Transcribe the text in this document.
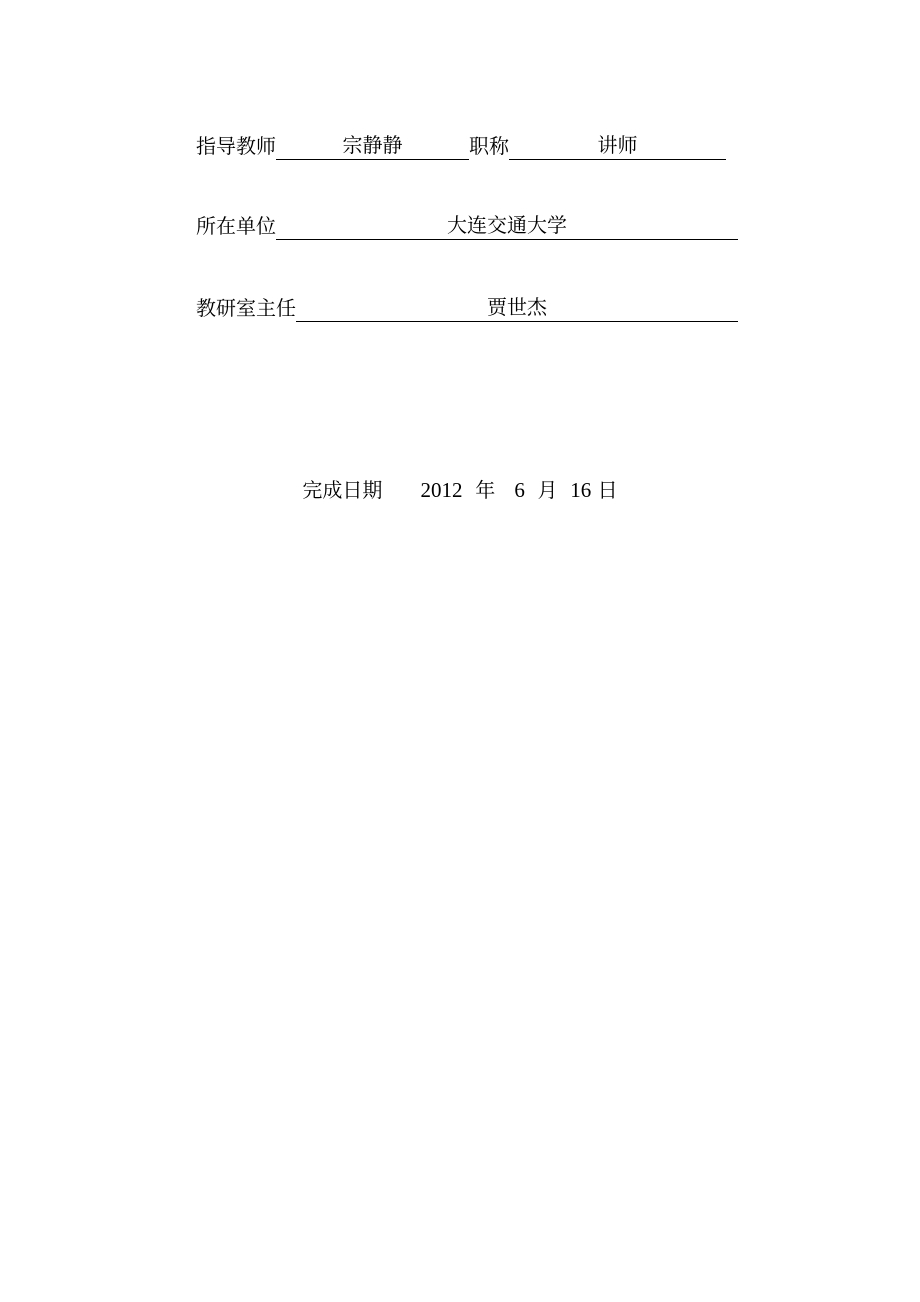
指导教师	宗静静	职称	讲师
所在单位	大连交通大学
教研室主任	贾世杰
完成日期 2012 年 6 月 16 日
